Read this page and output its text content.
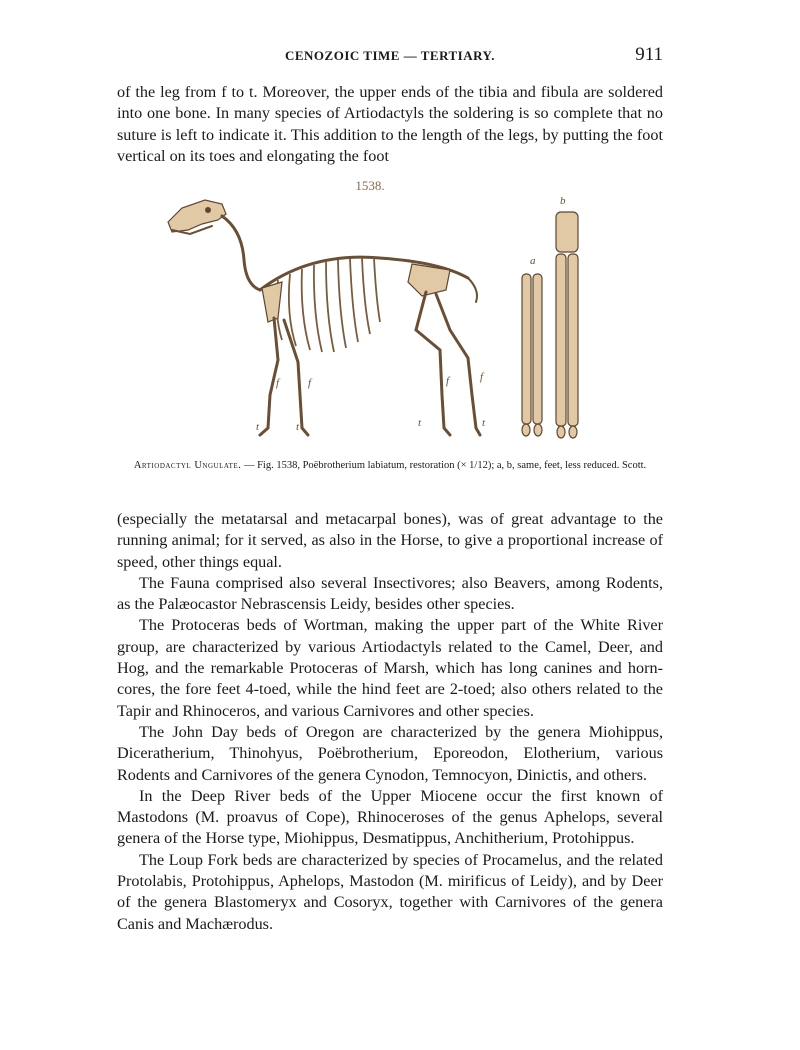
CENOZOIC TIME — TERTIARY.	911

of the leg from f to t. Moreover, the upper ends of the tibia and fibula are soldered into one bone. In many species of Artiodactyls the soldering is so complete that no suture is left to indicate it. This addition to the length of the legs, by putting the foot vertical on its toes and elongating the foot

1538.
f	f
t	t
f	f
t	t
a
b
Artiodactyl Ungulate. — Fig. 1538, Poëbrotherium labiatum, restoration (× 1/12); a, b, same, feet, less reduced. Scott.

(especially the metatarsal and metacarpal bones), was of great advantage to the running animal; for it served, as also in the Horse, to give a proportional increase of speed, other things equal.

The Fauna comprised also several Insectivores; also Beavers, among Rodents, as the Palæocastor Nebrascensis Leidy, besides other species.

The Protoceras beds of Wortman, making the upper part of the White River group, are characterized by various Artiodactyls related to the Camel, Deer, and Hog, and the remarkable Protoceras of Marsh, which has long canines and horn-cores, the fore feet 4-toed, while the hind feet are 2-toed; also others related to the Tapir and Rhinoceros, and various Carnivores and other species.

The John Day beds of Oregon are characterized by the genera Miohippus, Diceratherium, Thinohyus, Poëbrotherium, Eporeodon, Elotherium, various Rodents and Carnivores of the genera Cynodon, Temnocyon, Dinictis, and others.

In the Deep River beds of the Upper Miocene occur the first known of Mastodons (M. proavus of Cope), Rhinoceroses of the genus Aphelops, several genera of the Horse type, Miohippus, Desmatippus, Anchitherium, Protohippus.

The Loup Fork beds are characterized by species of Procamelus, and the related Protolabis, Protohippus, Aphelops, Mastodon (M. mirificus of Leidy), and by Deer of the genera Blastomeryx and Cosoryx, together with Carnivores of the genera Canis and Machærodus.
